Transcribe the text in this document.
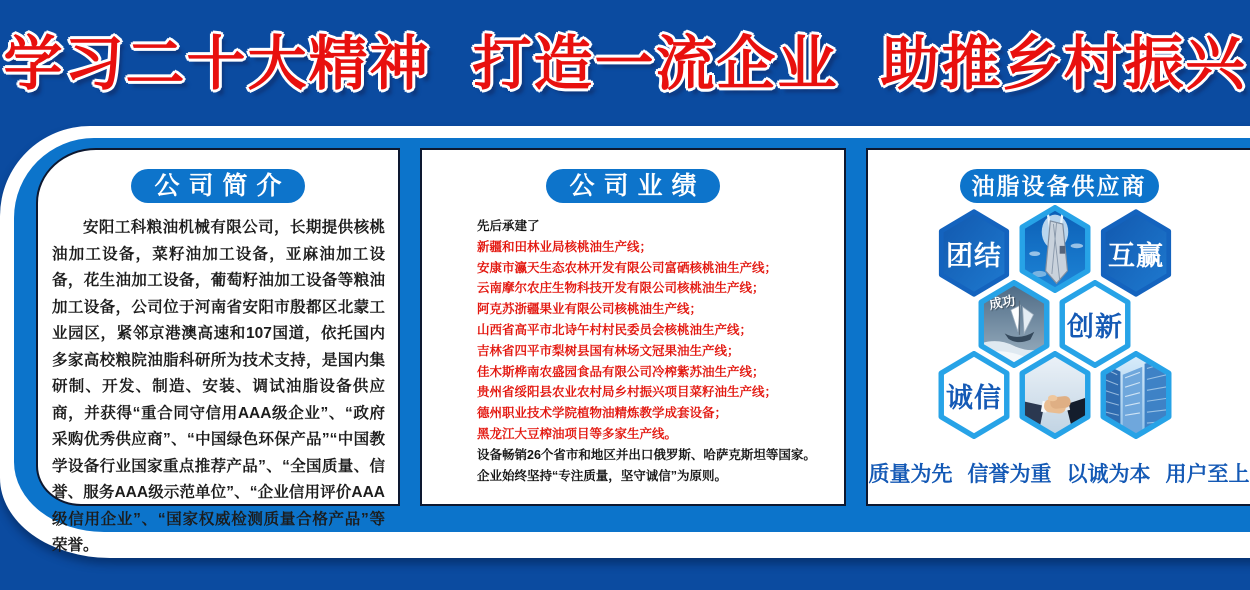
学习二十大精神 打造一流企业 助推乡村振兴
公司简介

安阳工科粮油机械有限公司，长期提供核桃油加工设备，菜籽油加工设备，亚麻油加工设备，花生油加工设备，葡萄籽油加工设备等粮油加工设备，公司位于河南省安阳市殷都区北蒙工业园区，紧邻京港澳高速和107国道，依托国内多家高校粮院油脂科研所为技术支持，是国内集研制、开发、制造、安装、调试油脂设备供应商，并获得“重合同守信用AAA级企业”、“政府采购优秀供应商”、“中国绿色环保产品”“中国教学设备行业国家重点推荐产品”、“全国质量、信誉、服务AAA级示范单位”、“企业信用评价AAA级信用企业”、“国家权威检测质量合格产品”等荣誉。

公司业绩
先后承建了
新疆和田林业局核桃油生产线；
安康市瀛天生态农林开发有限公司富硒核桃油生产线；
云南摩尔农庄生物科技开发有限公司核桃油生产线；
阿克苏浙疆果业有限公司核桃油生产线；
山西省高平市北诗午村村民委员会核桃油生产线；
吉林省四平市梨树县国有林场文冠果油生产线；
佳木斯桦南农盛园食品有限公司冷榨紫苏油生产线；
贵州省绥阳县农业农村局乡村振兴项目菜籽油生产线；
德州职业技术学院植物油精炼教学成套设备；
黑龙江大豆榨油项目等多家生产线。
设备畅销26个省市和地区并出口俄罗斯、哈萨克斯坦等国家。
企业始终坚持“专注质量，坚守诚信”为原则。
油脂设备供应商
团结	互赢
成功
创新
诚信
质量为先 信誉为重 以诚为本 用户至上
